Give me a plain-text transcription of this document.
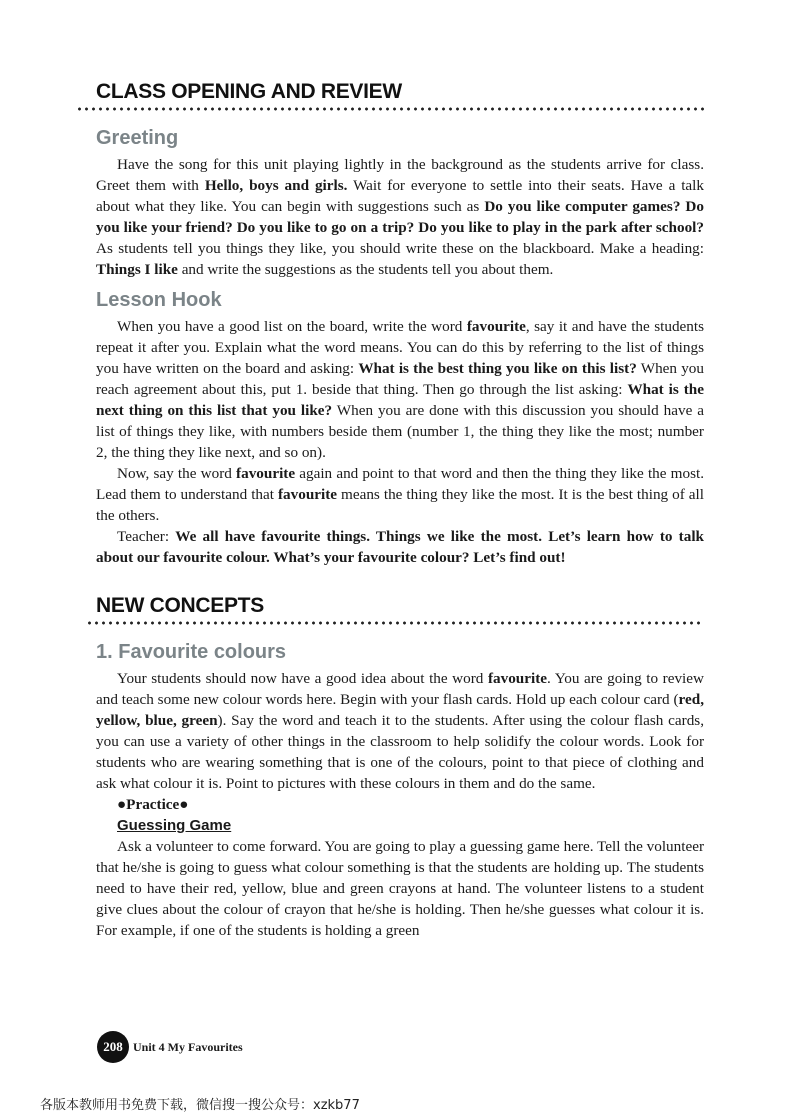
CLASS OPENING AND REVIEW
Greeting

Have the song for this unit playing lightly in the background as the students arrive for class. Greet them with Hello, boys and girls. Wait for everyone to settle into their seats. Have a talk about what they like. You can begin with suggestions such as Do you like computer games? Do you like your friend? Do you like to go on a trip? Do you like to play in the park after school? As students tell you things they like, you should write these on the blackboard. Make a heading: Things I like and write the suggestions as the students tell you about them.

Lesson Hook

When you have a good list on the board, write the word favourite, say it and have the students repeat it after you. Explain what the word means. You can do this by referring to the list of things you have written on the board and asking: What is the best thing you like on this list? When you reach agreement about this, put 1. beside that thing. Then go through the list asking: What is the next thing on this list that you like? When you are done with this discussion you should have a list of things they like, with numbers beside them (number 1, the thing they like the most; number 2, the thing they like next, and so on).

Now, say the word favourite again and point to that word and then the thing they like the most. Lead them to understand that favourite means the thing they like the most. It is the best thing of all the others.

Teacher: We all have favourite things. Things we like the most. Let’s learn how to talk about our favourite colour. What’s your favourite colour? Let’s find out!

NEW CONCEPTS
1. Favourite colours

Your students should now have a good idea about the word favourite. You are going to review and teach some new colour words here. Begin with your flash cards. Hold up each colour card (red, yellow, blue, green). Say the word and teach it to the students. After using the colour flash cards, you can use a variety of other things in the classroom to help solidify the colour words. Look for students who are wearing something that is one of the colours, point to that piece of clothing and ask what colour it is. Point to pictures with these colours in them and do the same.

●Practice●
Guessing Game

Ask a volunteer to come forward. You are going to play a guessing game here. Tell the volunteer that he/she is going to guess what colour something is that the students are holding up. The students need to have their red, yellow, blue and green crayons at hand. The volunteer listens to a student give clues about the colour of crayon that he/she is holding. Then he/she guesses what colour it is. For example, if one of the students is holding a green

208 Unit 4 My Favourites
各版本教师用书免费下载，微信搜一搜公众号：xzkb77
